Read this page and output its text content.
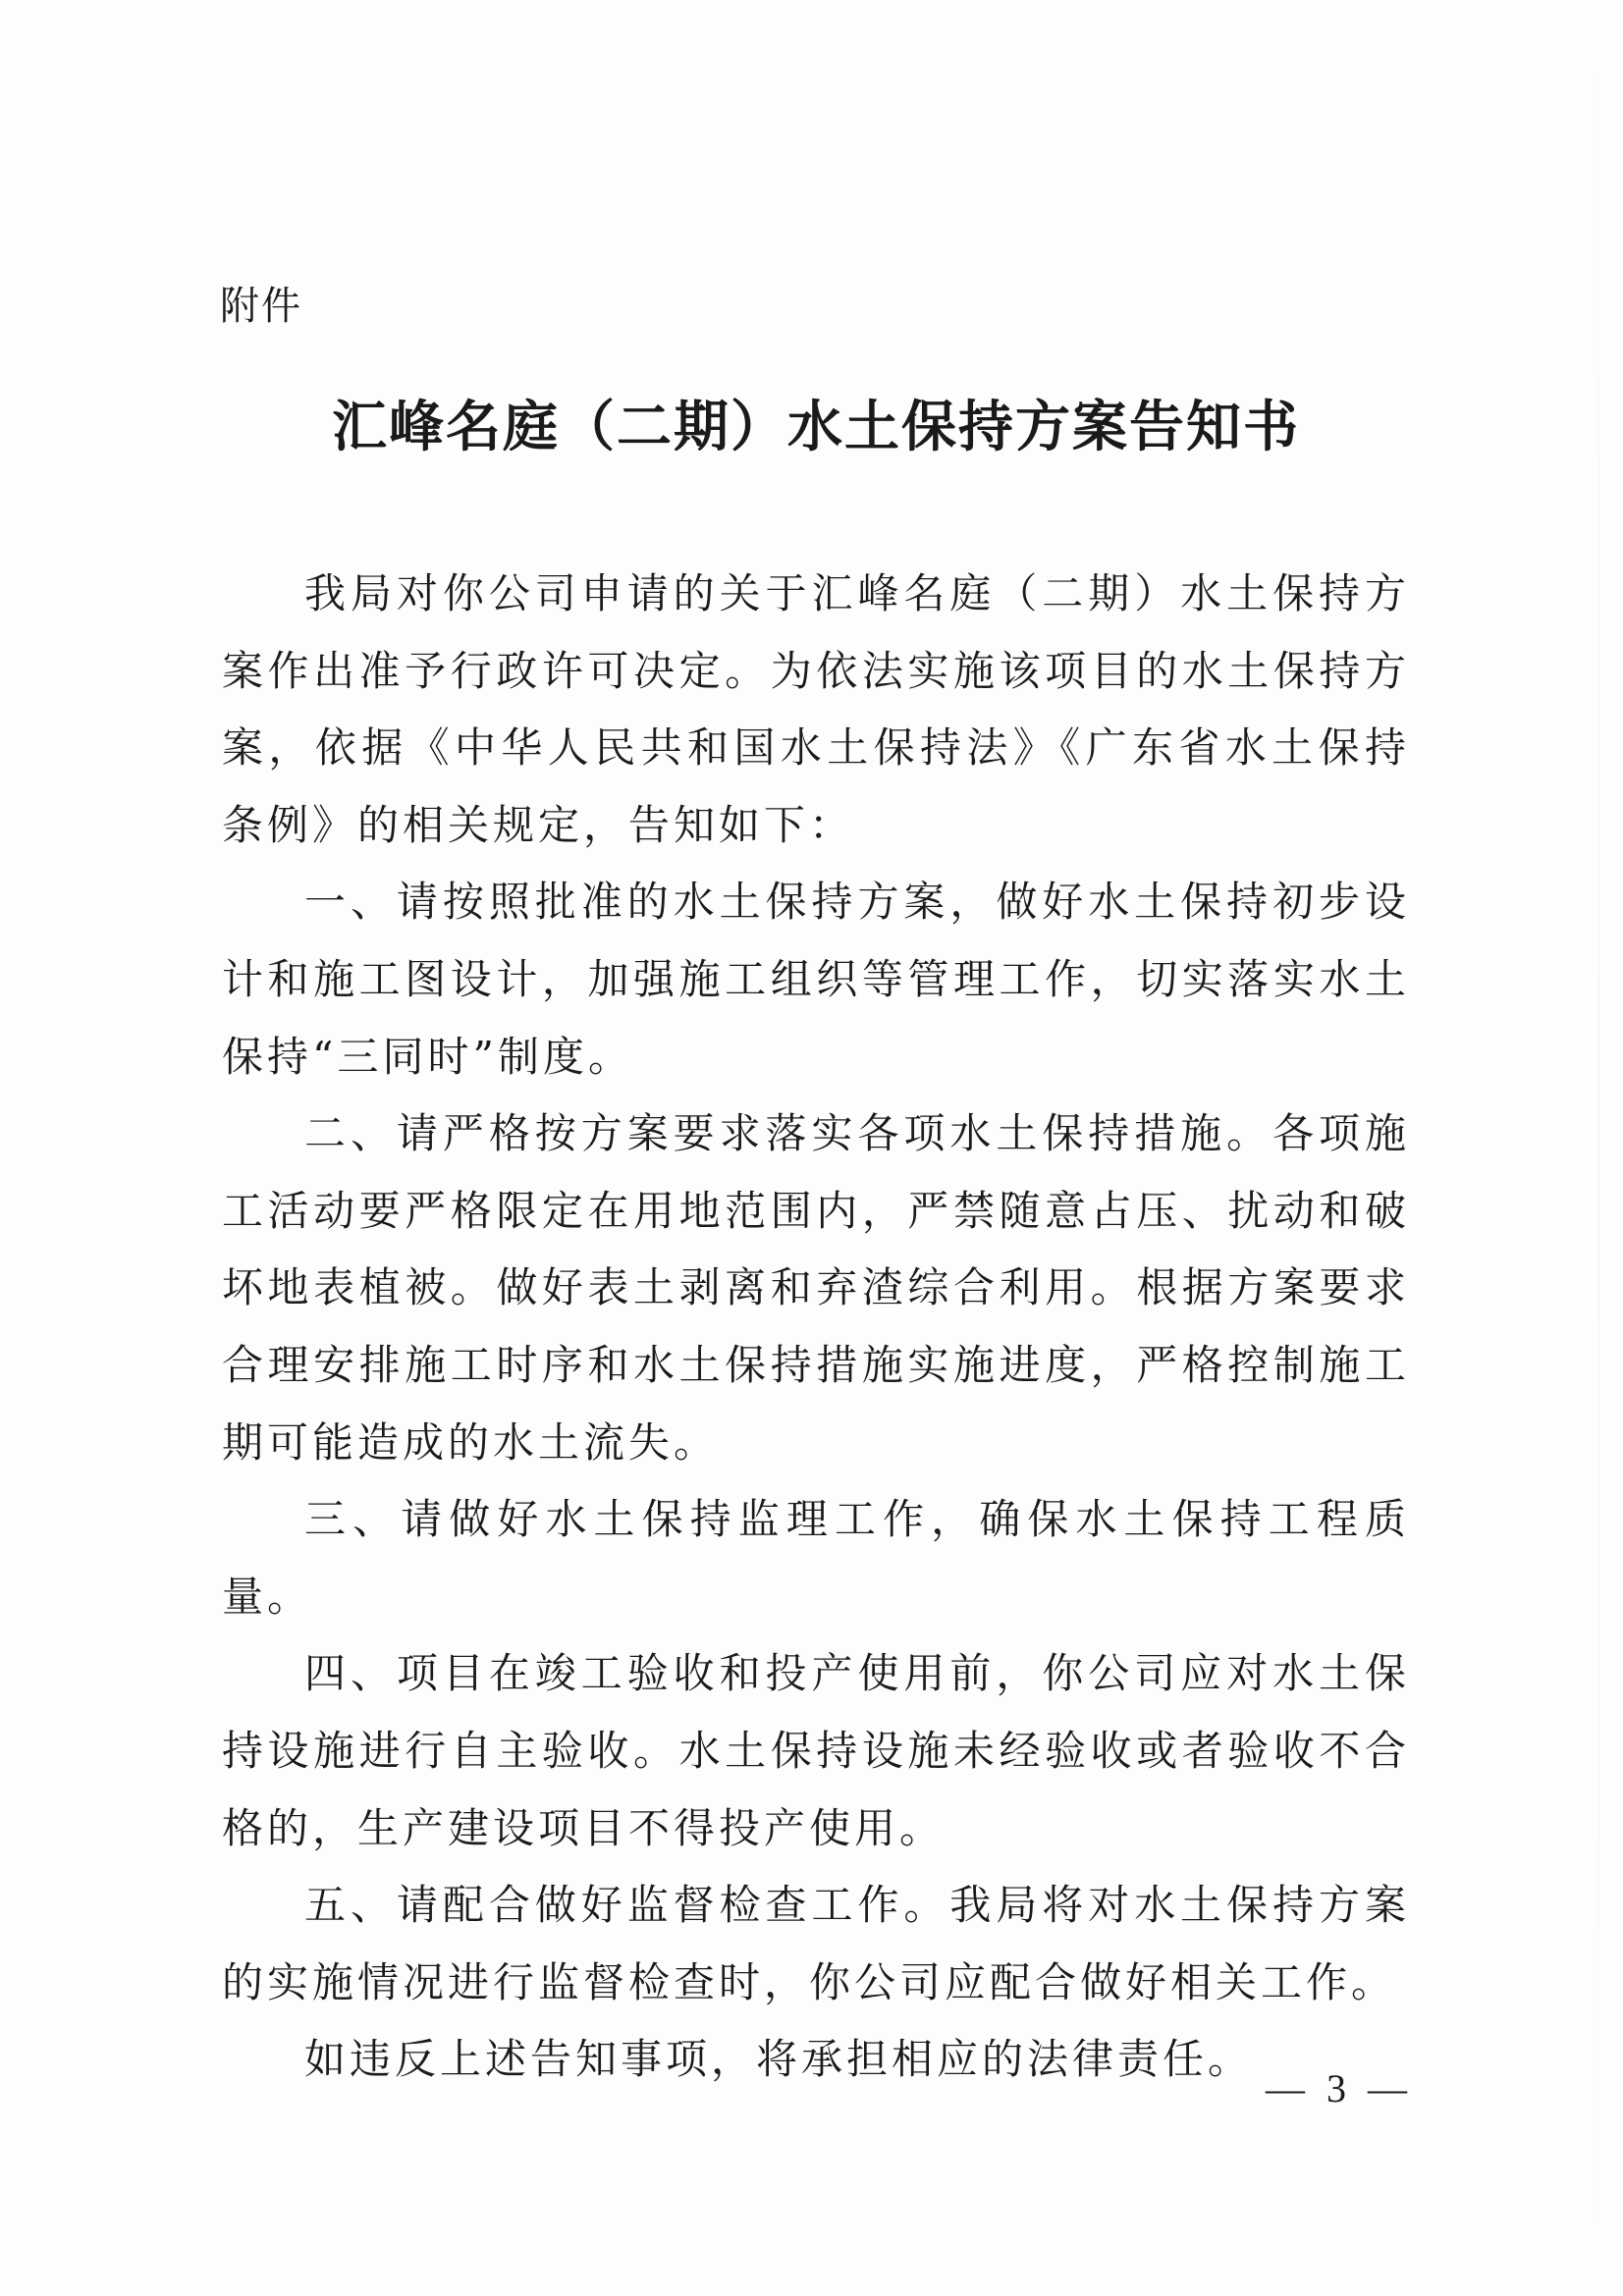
附件
汇峰名庭（二期）水土保持方案告知书

我局对你公司申请的关于汇峰名庭（二期）水土保持方案作出准予行政许可决定。为依法实施该项目的水土保持方案，依据《中华人民共和国水土保持法》《广东省水土保持条例》的相关规定，告知如下：

一、请按照批准的水土保持方案，做好水土保持初步设计和施工图设计，加强施工组织等管理工作，切实落实水土保持“三同时”制度。

二、请严格按方案要求落实各项水土保持措施。各项施工活动要严格限定在用地范围内，严禁随意占压、扰动和破坏地表植被。做好表土剥离和弃渣综合利用。根据方案要求合理安排施工时序和水土保持措施实施进度，严格控制施工期可能造成的水土流失。

三、请做好水土保持监理工作，确保水土保持工程质量。

四、项目在竣工验收和投产使用前，你公司应对水土保持设施进行自主验收。水土保持设施未经验收或者验收不合格的，生产建设项目不得投产使用。

五、请配合做好监督检查工作。我局将对水土保持方案的实施情况进行监督检查时，你公司应配合做好相关工作。

如违反上述告知事项，将承担相应的法律责任。

— 3 —
